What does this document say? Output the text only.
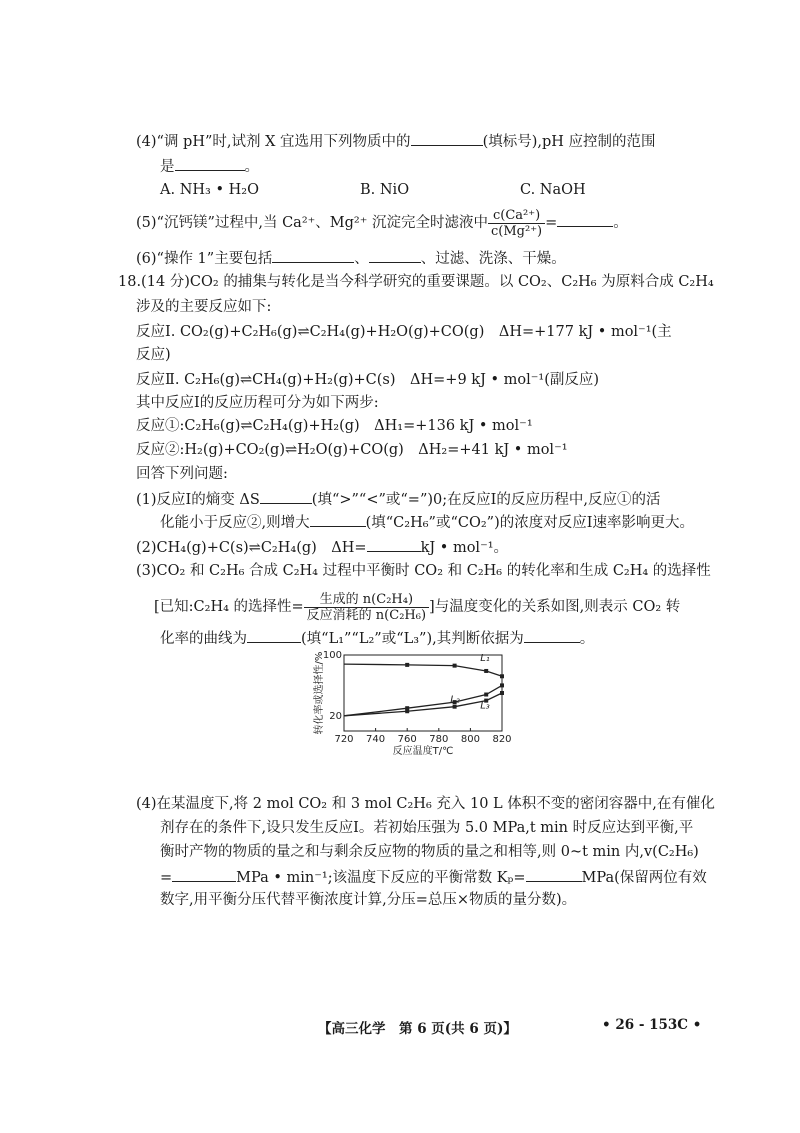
(4)“调 pH”时,试剂 X 宜选用下列物质中的	(填标号),pH 应控制的范围
是	。
A. NH₃ • H₂O	B. NiO	C. NaOH
(5)“沉钙镁”过程中,当 Ca²⁺、Mg²⁺ 沉淀完全时滤液中 $\frac{\text{c(Ca²⁺)}}{\text{c(Mg²⁺)}}$ =	。
(6)“操作 1”主要包括	、	、过滤、洗涤、干燥。
18.(14 分)CO₂ 的捕集与转化是当今科学研究的重要课题。以 CO₂、C₂H₆ 为原料合成 C₂H₄
涉及的主要反应如下:
反应Ⅰ. CO₂(g)+C₂H₆(g)⇌C₂H₄(g)+H₂O(g)+CO(g)　ΔH=+177 kJ • mol⁻¹(主
反应)
反应Ⅱ. C₂H₆(g)⇌CH₄(g)+H₂(g)+C(s)　ΔH=+9 kJ • mol⁻¹(副反应)
其中反应Ⅰ的反应历程可分为如下两步:
反应①:C₂H₆(g)⇌C₂H₄(g)+H₂(g)　ΔH₁=+136 kJ • mol⁻¹
反应②:H₂(g)+CO₂(g)⇌H₂O(g)+CO(g)　ΔH₂=+41 kJ • mol⁻¹
回答下列问题:
(1)反应Ⅰ的熵变 ΔS	(填“>”“<”或“=”)0;在反应Ⅰ的反应历程中,反应①的活
化能小于反应②,则增大	(填“C₂H₆”或“CO₂”)的浓度对反应Ⅰ速率影响更大。
(2)CH₄(g)+C(s)⇌C₂H₄(g)　ΔH=	kJ • mol⁻¹。
(3)CO₂ 和 C₂H₆ 合成 C₂H₄ 过程中平衡时 CO₂ 和 C₂H₆ 的转化率和生成 C₂H₄ 的选择性
[已知:C₂H₄ 的选择性= $\frac{\text{生成的 n(C₂H₄)}}{\text{反应消耗的 n(C₂H₆)}}$ ]与温度变化的关系如图,则表示 CO₂ 转
化率的曲线为	(填“L₁”“L₂”或“L₃”),其判断依据为	。
720 740 760 780 800 820
20
100
反应温度T/℃
转化率或选择性/%	L₁
L₂
L₃
(4)在某温度下,将 2 mol CO₂ 和 3 mol C₂H₆ 充入 10 L 体积不变的密闭容器中,在有催化
剂存在的条件下,设只发生反应Ⅰ。若初始压强为 5.0 MPa,t min 时反应达到平衡,平
衡时产物的物质的量之和与剩余反应物的物质的量之和相等,则 0~t min 内,v(C₂H₆)
=	MPa • min⁻¹;该温度下反应的平衡常数 Kₚ=	MPa(保留两位有效
数字,用平衡分压代替平衡浓度计算,分压=总压×物质的量分数)。
【高三化学　第 6 页(共 6 页)】	• 26 - 153C •
